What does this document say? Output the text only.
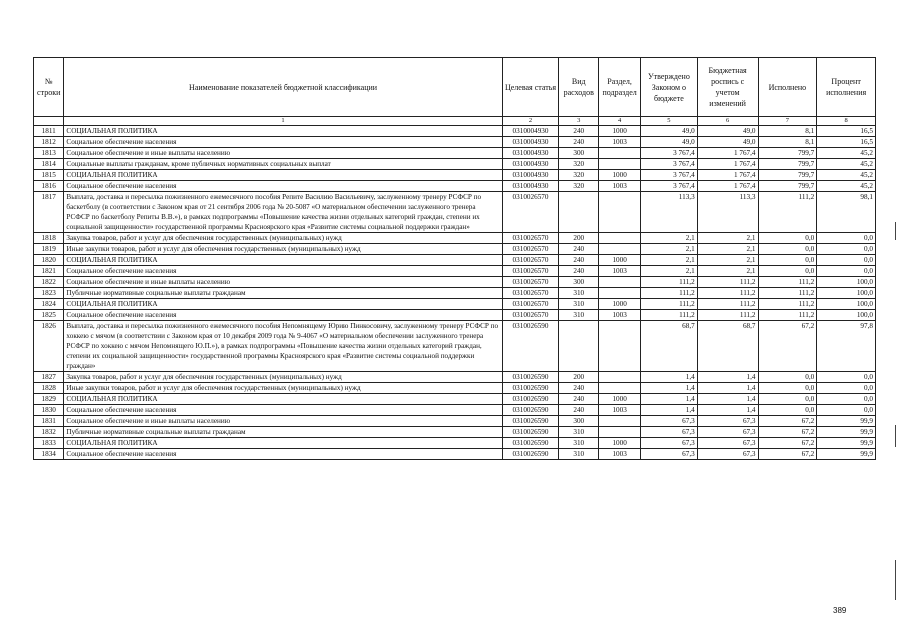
№ строки	Наименование показателей бюджетной классификации	Целевая статья	Вид расходов	Раздел, подраздел	Утверждено Законом о бюджете	Бюджетная роспись с учетом изменений	Исполнено	Процент исполнения
	1	2	3	4	5	6	7	8
1811	СОЦИАЛЬНАЯ ПОЛИТИКА	0310004930	240	1000	49,0	49,0	8,1	16,5
1812	Социальное обеспечение населения	0310004930	240	1003	49,0	49,0	8,1	16,5
1813	Социальное обеспечение и иные выплаты населению	0310004930	300		3 767,4	1 767,4	799,7	45,2
1814	Социальные выплаты гражданам, кроме публичных нормативных социальных выплат	0310004930	320		3 767,4	1 767,4	799,7	45,2
1815	СОЦИАЛЬНАЯ ПОЛИТИКА	0310004930	320	1000	3 767,4	1 767,4	799,7	45,2
1816	Социальное обеспечение населения	0310004930	320	1003	3 767,4	1 767,4	799,7	45,2
1817	Выплата, доставка и пересылка пожизненного ежемесячного пособия Репите Василию Васильевичу, заслуженному тренеру РСФСР по баскетболу (в соответствии с Законом края от 21 сентября 2006 года № 20-5087 «О материальном обеспечении заслуженного тренера РСФСР по баскетболу Репиты В.В.»), в рамках подпрограммы «Повышение качества жизни отдельных категорий граждан, степени их социальной защищенности» государственной программы Красноярского края «Развитие системы социальной поддержки граждан»	0310026570			113,3	113,3	111,2	98,1
1818	Закупка товаров, работ и услуг для обеспечения государственных (муниципальных) нужд	0310026570	200		2,1	2,1	0,0	0,0
1819	Иные закупки товаров, работ и услуг для обеспечения государственных (муниципальных) нужд	0310026570	240		2,1	2,1	0,0	0,0
1820	СОЦИАЛЬНАЯ ПОЛИТИКА	0310026570	240	1000	2,1	2,1	0,0	0,0
1821	Социальное обеспечение населения	0310026570	240	1003	2,1	2,1	0,0	0,0
1822	Социальное обеспечение и иные выплаты населению	0310026570	300		111,2	111,2	111,2	100,0
1823	Публичные нормативные социальные выплаты гражданам	0310026570	310		111,2	111,2	111,2	100,0
1824	СОЦИАЛЬНАЯ ПОЛИТИКА	0310026570	310	1000	111,2	111,2	111,2	100,0
1825	Социальное обеспечение населения	0310026570	310	1003	111,2	111,2	111,2	100,0
1826	Выплата, доставка и пересылка пожизненного ежемесячного пособия Непомнящему Юрию Пинкосовичу, заслуженному тренеру РСФСР по хоккею с мячом (в соответствии с Законом края от 10 декабря 2009 года № 9-4067 «О материальном обеспечении заслуженного тренера РСФСР по хоккею с мячом Непомнящего Ю.П.»), в рамках подпрограммы «Повышение качества жизни отдельных категорий граждан, степени их социальной защищенности» государственной программы Красноярского края «Развитие системы социальной поддержки граждан»	0310026590			68,7	68,7	67,2	97,8
1827	Закупка товаров, работ и услуг для обеспечения государственных (муниципальных) нужд	0310026590	200		1,4	1,4	0,0	0,0
1828	Иные закупки товаров, работ и услуг для обеспечения государственных (муниципальных) нужд	0310026590	240		1,4	1,4	0,0	0,0
1829	СОЦИАЛЬНАЯ ПОЛИТИКА	0310026590	240	1000	1,4	1,4	0,0	0,0
1830	Социальное обеспечение населения	0310026590	240	1003	1,4	1,4	0,0	0,0
1831	Социальное обеспечение и иные выплаты населению	0310026590	300		67,3	67,3	67,2	99,9
1832	Публичные нормативные социальные выплаты гражданам	0310026590	310		67,3	67,3	67,2	99,9
1833	СОЦИАЛЬНАЯ ПОЛИТИКА	0310026590	310	1000	67,3	67,3	67,2	99,9
1834	Социальное обеспечение населения	0310026590	310	1003	67,3	67,3	67,2	99,9
389
